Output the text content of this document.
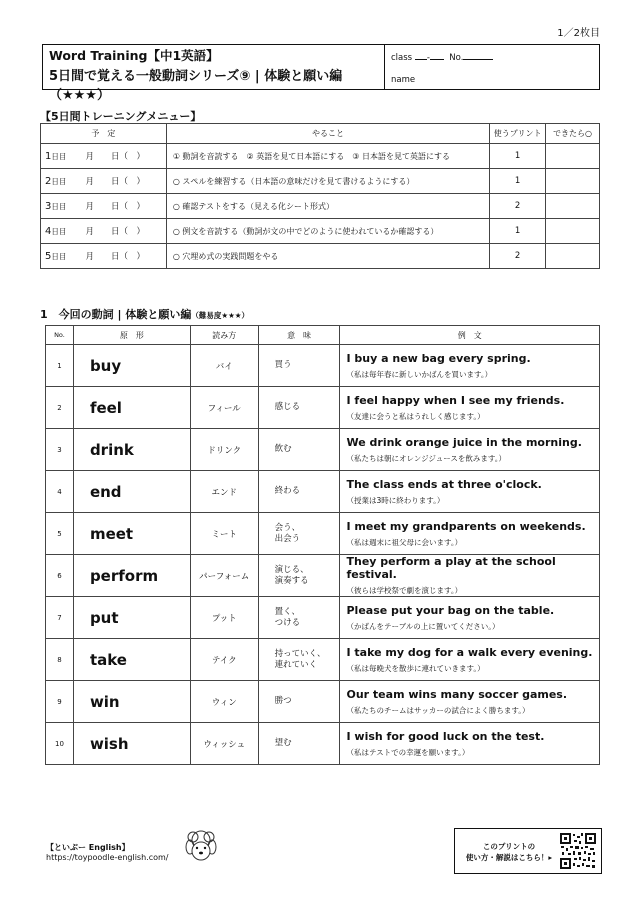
1／2枚目
Word Training【中1英語】
5日間で覚える一般動詞シリーズ⑨ | 体験と願い編（★★★）
class - No.
name
【5日間トレーニングメニュー】
予　定	やること	使うプリント	できたら○
1日目 月　　日（　）	① 動詞を音読する　② 英語を見て日本語にする　③ 日本語を見て英語にする	1	
2日目 月　　日（　）	○ スペルを練習する（日本語の意味だけを見て書けるようにする）	1	
3日目 月　　日（　）	○ 確認テストをする（見える化シート形式）	2	
4日目 月　　日（　）	○ 例文を音読する（動詞が文の中でどのように使われているか確認する）	1	
5日目 月　　日（　）	○ 穴埋め式の実践問題をやる	2	
1　今回の動詞 | 体験と願い編（難易度★★★）
No.	原　形	読み方	意　味	例　文
1	buy	バイ	買う	I buy a new bag every spring.
（私は毎年春に新しいかばんを買います。）

2	feel	フィール	感じる	I feel happy when I see my friends.
（友達に会うと私はうれしく感じます。）

3	drink	ドリンク	飲む	We drink orange juice in the morning.
（私たちは朝にオレンジジュースを飲みます。）

4	end	エンド	終わる	The class ends at three o'clock.
（授業は3時に終わります。）

5	meet	ミート	会う、
出会う	I meet my grandparents on weekends.
（私は週末に祖父母に会います。）

6	perform	パーフォーム	演じる、
演奏する	They perform a play at the school festival.
（彼らは学校祭で劇を演じます。）

7	put	プット	置く、
つける	Please put your bag on the table.
（かばんをテーブルの上に置いてください。）

8	take	テイク	持っていく、
連れていく	I take my dog for a walk every evening.
（私は毎晩犬を散歩に連れていきます。）

9	win	ウィン	勝つ	Our team wins many soccer games.
（私たちのチームはサッカーの試合によく勝ちます。）

10	wish	ウィッシュ	望む	I wish for good luck on the test.
（私はテストでの幸運を願います。）
【といぷー English】
https://toypoodle-english.com/
このプリントの
使い方・解説はこちら！▸
